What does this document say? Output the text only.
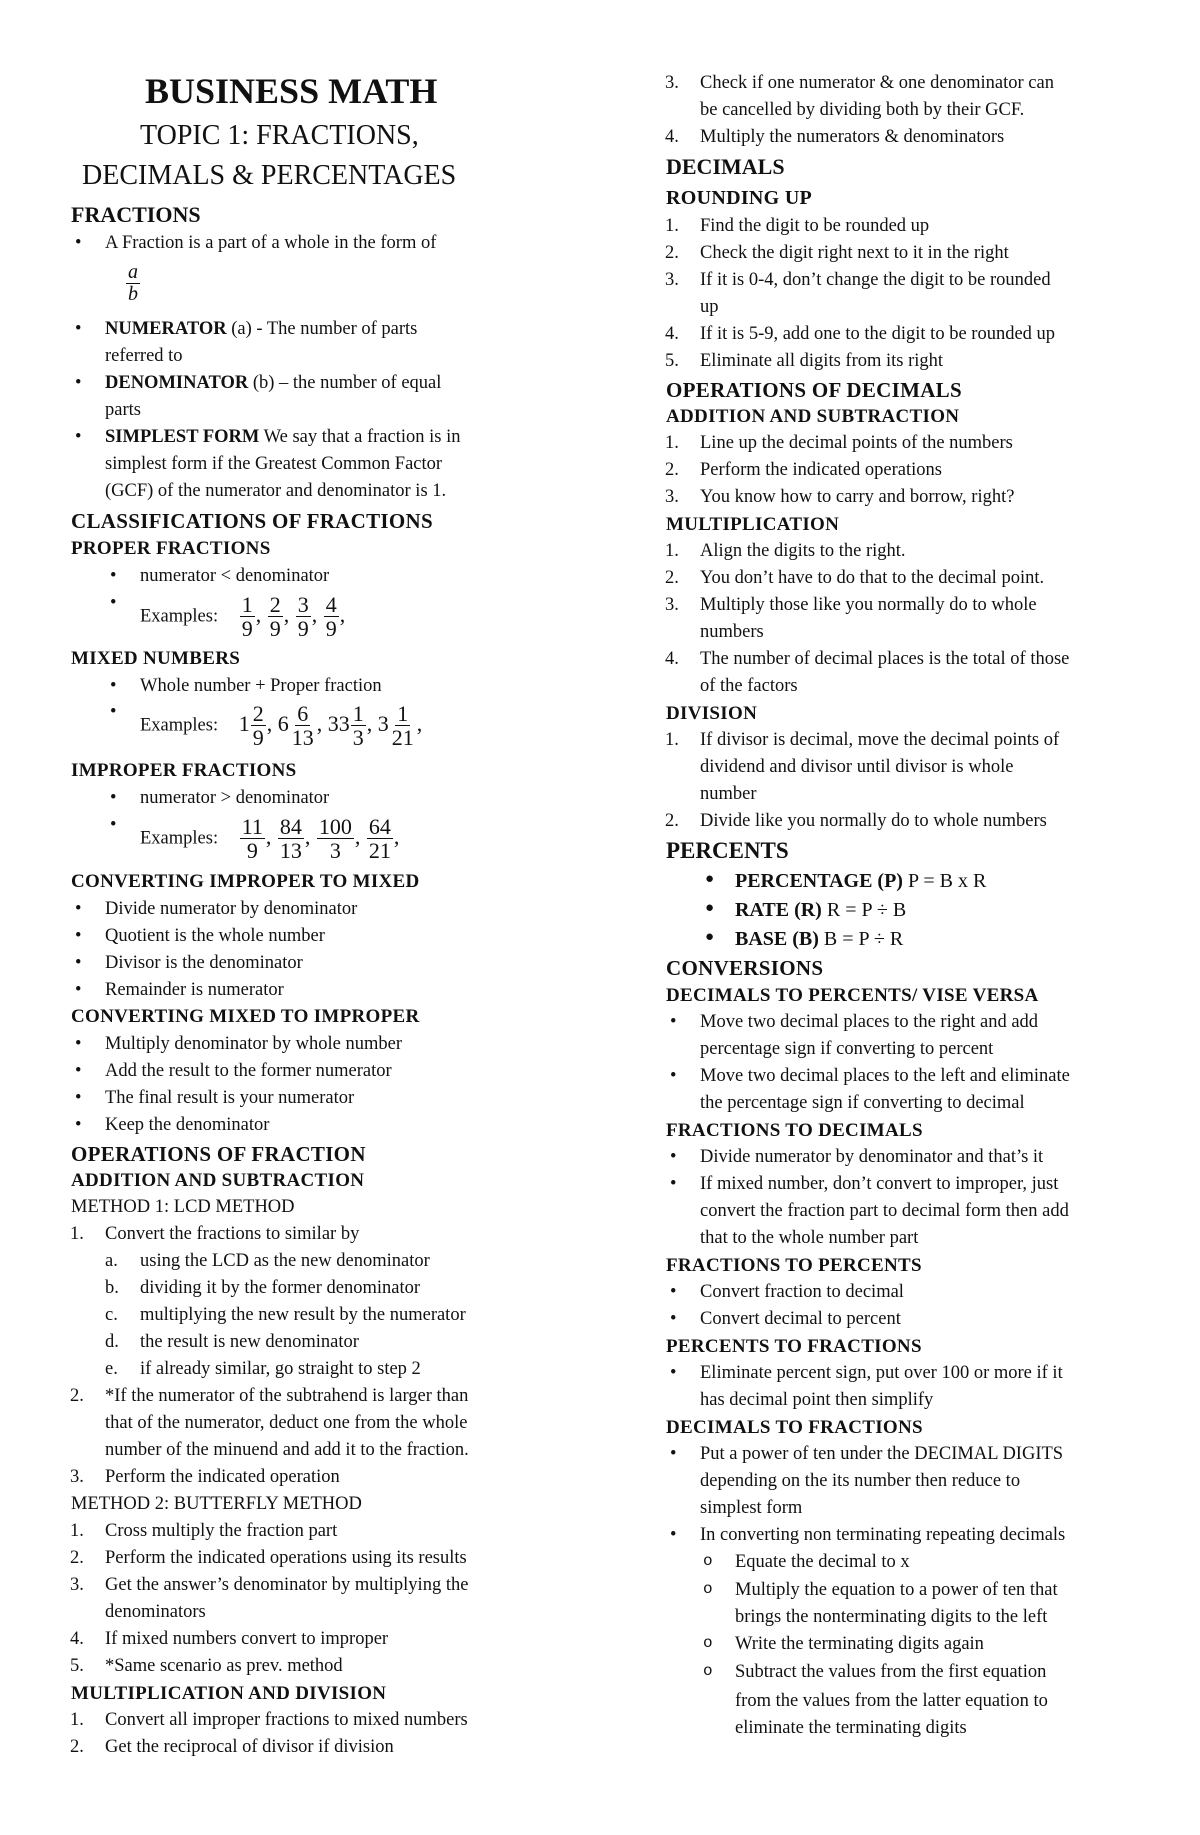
BUSINESS MATH
TOPIC 1: FRACTIONS,
DECIMALS & PERCENTAGES
FRACTIONS
• A Fraction is a part of a whole in the form of
$\frac{a}{b}$
• NUMERATOR (a) - The number of parts
referred to
• DENOMINATOR (b) – the number of equal
parts
• SIMPLEST FORM We say that a fraction is in
simplest form if the Greatest Common Factor
(GCF) of the numerator and denominator is 1.
CLASSIFICATIONS OF FRACTIONS
PROPER FRACTIONS
• numerator < denominator
• Examples: $\frac{1}{9}$ , $\frac{2}{9}$ , $\frac{3}{9}$ , $\frac{4}{9}$ ,
MIXED NUMBERS
• Whole number + Proper fraction
• Examples: $1 \frac{2}{9}$ , $6 \frac{6}{13}$ , $33 \frac{1}{3}$ , $3 \frac{1}{21}$ ,
IMPROPER FRACTIONS
• numerator > denominator
• Examples: $\frac{11}{9}$ , $\frac{84}{13}$ , $\frac{100}{3}$ , $\frac{64}{21}$ ,
CONVERTING IMPROPER TO MIXED
• Divide numerator by denominator
• Quotient is the whole number
• Divisor is the denominator
• Remainder is numerator
CONVERTING MIXED TO IMPROPER
• Multiply denominator by whole number
• Add the result to the former numerator
• The final result is your numerator
• Keep the denominator
OPERATIONS OF FRACTION
ADDITION AND SUBTRACTION
METHOD 1: LCD METHOD
1. Convert the fractions to similar by
a. using the LCD as the new denominator
b. dividing it by the former denominator
c. multiplying the new result by the numerator
d. the result is new denominator
e. if already similar, go straight to step 2
2. *If the numerator of the subtrahend is larger than
that of the numerator, deduct one from the whole
number of the minuend and add it to the fraction.
3. Perform the indicated operation
METHOD 2: BUTTERFLY METHOD
1. Cross multiply the fraction part
2. Perform the indicated operations using its results
3. Get the answer’s denominator by multiplying the
denominators
4. If mixed numbers convert to improper
5. *Same scenario as prev. method
MULTIPLICATION AND DIVISION
1. Convert all improper fractions to mixed numbers
2. Get the reciprocal of divisor if division
3. Check if one numerator & one denominator can
be cancelled by dividing both by their GCF.
4. Multiply the numerators & denominators
DECIMALS
ROUNDING UP
1. Find the digit to be rounded up
2. Check the digit right next to it in the right
3. If it is 0-4, don’t change the digit to be rounded
up
4. If it is 5-9, add one to the digit to be rounded up
5. Eliminate all digits from its right
OPERATIONS OF DECIMALS
ADDITION AND SUBTRACTION
1. Line up the decimal points of the numbers
2. Perform the indicated operations
3. You know how to carry and borrow, right?
MULTIPLICATION
1. Align the digits to the right.
2. You don’t have to do that to the decimal point.
3. Multiply those like you normally do to whole
numbers
4. The number of decimal places is the total of those
of the factors
DIVISION
1. If divisor is decimal, move the decimal points of
dividend and divisor until divisor is whole
number
2. Divide like you normally do to whole numbers
PERCENTS
● PERCENTAGE (P) P = B x R
● RATE (R) R = P ÷ B
● BASE (B) B = P ÷ R
CONVERSIONS
DECIMALS TO PERCENTS/ VISE VERSA
• Move two decimal places to the right and add
percentage sign if converting to percent
• Move two decimal places to the left and eliminate
the percentage sign if converting to decimal
FRACTIONS TO DECIMALS
• Divide numerator by denominator and that’s it
• If mixed number, don’t convert to improper, just
convert the fraction part to decimal form then add
that to the whole number part
FRACTIONS TO PERCENTS
• Convert fraction to decimal
• Convert decimal to percent
PERCENTS TO FRACTIONS
• Eliminate percent sign, put over 100 or more if it
has decimal point then simplify
DECIMALS TO FRACTIONS
• Put a power of ten under the DECIMAL DIGITS
depending on the its number then reduce to
simplest form
• In converting non terminating repeating decimals
o Equate the decimal to x
o Multiply the equation to a power of ten that
brings the nonterminating digits to the left
o Write the terminating digits again
o Subtract the values from the first equation
from the values from the latter equation to
eliminate the terminating digits
